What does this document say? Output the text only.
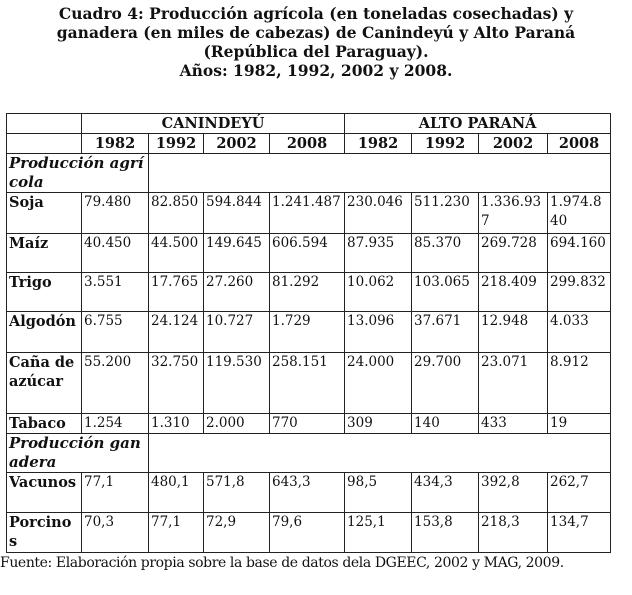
Cuadro 4: Producción agrícola (en toneladas cosechadas) y
ganadera (en miles de cabezas) de Canindeyú y Alto Paraná
(República del Paraguay).
Años: 1982, 1992, 2002 y 2008.
	CANINDEYÚ				ALTO PARANÁ			
	1982	1992	2002	2008	1982	1992	2002	2008
Producción agrícola								
Soja	79.480	82.850	594.844	1.241.487	230.046	511.230	1.336.937	1.974.840
Maíz	40.450	44.500	149.645	606.594	87.935	85.370	269.728	694.160
Trigo	3.551	17.765	27.260	81.292	10.062	103.065	218.409	299.832
Algodón	6.755	24.124	10.727	1.729	13.096	37.671	12.948	4.033
Caña de azúcar	55.200	32.750	119.530	258.151	24.000	29.700	23.071	8.912
Tabaco	1.254	1.310	2.000	770	309	140	433	19
Producción ganadera								
Vacunos	77,1	480,1	571,8	643,3	98,5	434,3	392,8	262,7
Porcinos	70,3	77,1	72,9	79,6	125,1	153,8	218,3	134,7
Fuente: Elaboración propia sobre la base de datos dela DGEEC, 2002 y MAG, 2009.
